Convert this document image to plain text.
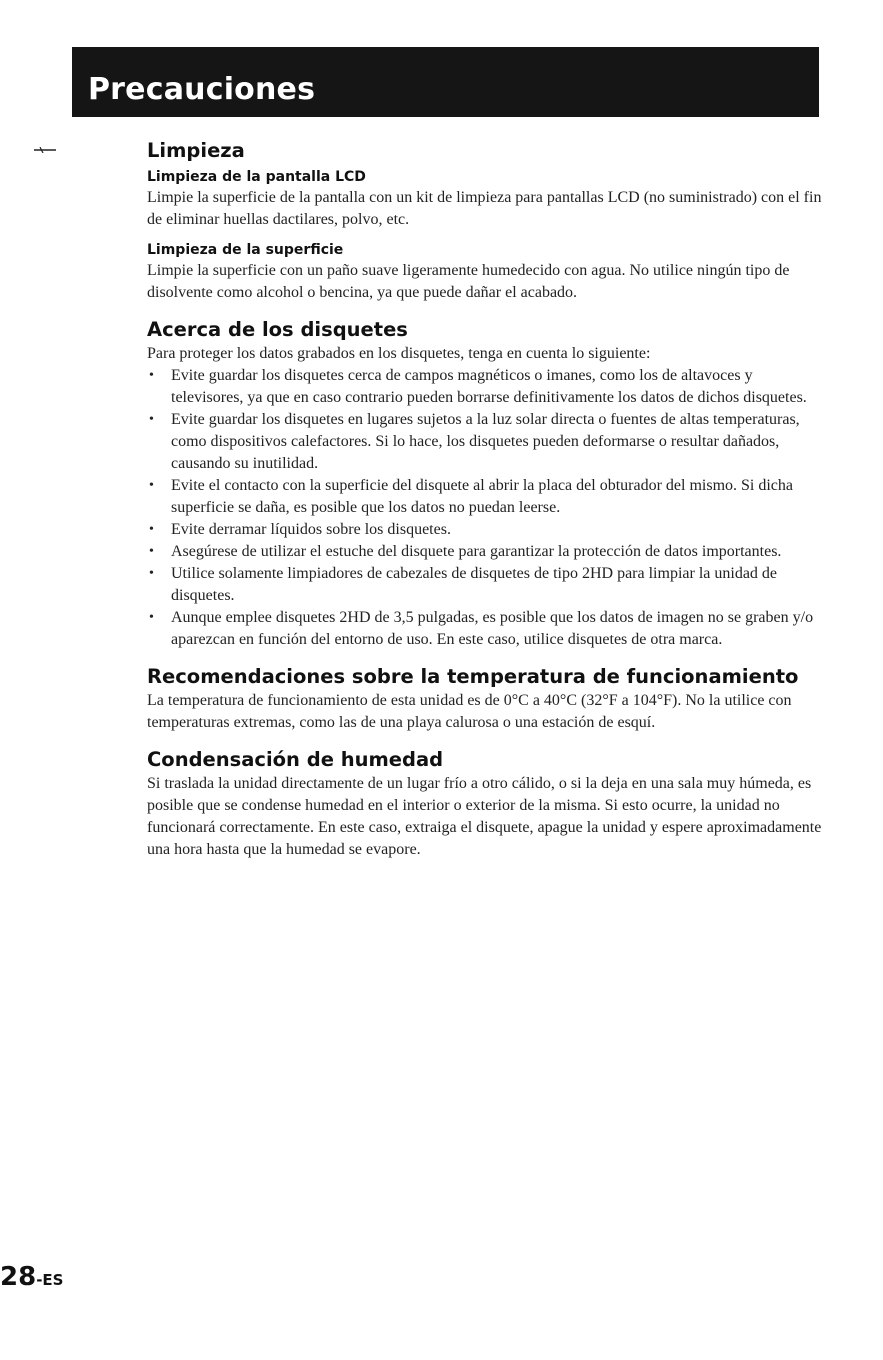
Precauciones
Limpieza
Limpieza de la pantalla LCD

Limpie la superficie de la pantalla con un kit de limpieza para pantallas LCD (no suministrado) con el fin de eliminar huellas dactilares, polvo, etc.

Limpieza de la superficie

Limpie la superficie con un paño suave ligeramente humedecido con agua. No utilice ningún tipo de disolvente como alcohol o bencina, ya que puede dañar el acabado.

Acerca de los disquetes

Para proteger los datos grabados en los disquetes, tenga en cuenta lo siguiente:

• Evite guardar los disquetes cerca de campos magnéticos o imanes, como los de altavoces y televisores, ya que en caso contrario pueden borrarse definitivamente los datos de dichos disquetes.
• Evite guardar los disquetes en lugares sujetos a la luz solar directa o fuentes de altas temperaturas, como dispositivos calefactores. Si lo hace, los disquetes pueden deformarse o resultar dañados, causando su inutilidad.
• Evite el contacto con la superficie del disquete al abrir la placa del obturador del mismo. Si dicha superficie se daña, es posible que los datos no puedan leerse.
• Evite derramar líquidos sobre los disquetes.
• Asegúrese de utilizar el estuche del disquete para garantizar la protección de datos importantes.
• Utilice solamente limpiadores de cabezales de disquetes de tipo 2HD para limpiar la unidad de disquetes.
• Aunque emplee disquetes 2HD de 3,5 pulgadas, es posible que los datos de imagen no se graben y/o aparezcan en función del entorno de uso. En este caso, utilice disquetes de otra marca.
Recomendaciones sobre la temperatura de funcionamiento

La temperatura de funcionamiento de esta unidad es de 0°C a 40°C (32°F a 104°F). No la utilice con temperaturas extremas, como las de una playa calurosa o una estación de esquí.

Condensación de humedad

Si traslada la unidad directamente de un lugar frío a otro cálido, o si la deja en una sala muy húmeda, es posible que se condense humedad en el interior o exterior de la misma. Si esto ocurre, la unidad no funcionará correctamente. En este caso, extraiga el disquete, apague la unidad y espere aproximadamente una hora hasta que la humedad se evapore.

28-ES
